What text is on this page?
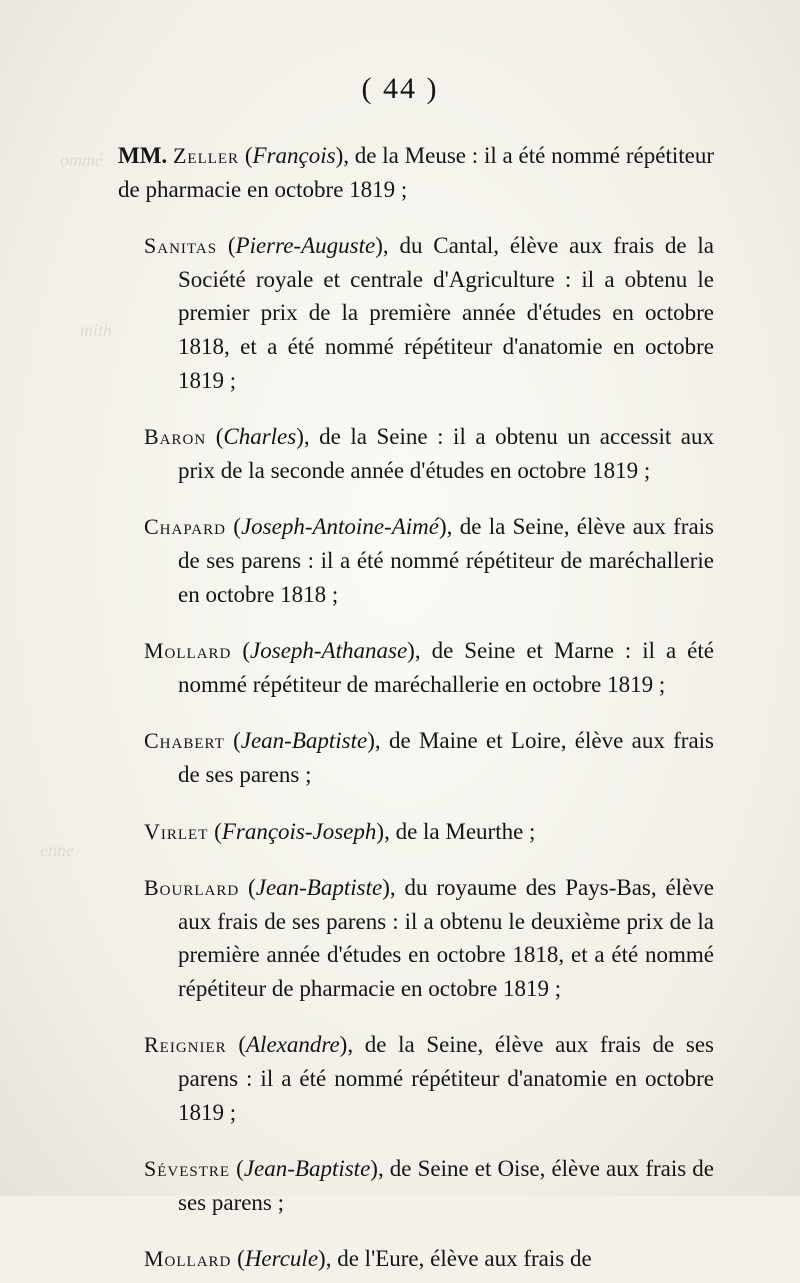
ommé
mith
enne
( 44 )

MM. Zeller (François), de la Meuse : il a été nommé répétiteur de pharmacie en octobre 1819 ;

Sanitas (Pierre-Auguste), du Cantal, élève aux frais de la Société royale et centrale d'Agriculture : il a obtenu le premier prix de la première année d'études en octobre 1818, et a été nommé répétiteur d'anatomie en octobre 1819 ;

Baron (Charles), de la Seine : il a obtenu un accessit aux prix de la seconde année d'études en octobre 1819 ;

Chapard (Joseph-Antoine-Aimé), de la Seine, élève aux frais de ses parens : il a été nommé répétiteur de maréchallerie en octobre 1818 ;

Mollard (Joseph-Athanase), de Seine et Marne : il a été nommé répétiteur de maréchallerie en octobre 1819 ;

Chabert (Jean-Baptiste), de Maine et Loire, élève aux frais de ses parens ;

Virlet (François-Joseph), de la Meurthe ;

Bourlard (Jean-Baptiste), du royaume des Pays-Bas, élève aux frais de ses parens : il a obtenu le deuxième prix de la première année d'études en octobre 1818, et a été nommé répétiteur de pharmacie en octobre 1819 ;

Reignier (Alexandre), de la Seine, élève aux frais de ses parens : il a été nommé répétiteur d'anatomie en octobre 1819 ;

Sévestre (Jean-Baptiste), de Seine et Oise, élève aux frais de ses parens ;

Mollard (Hercule), de l'Eure, élève aux frais de
